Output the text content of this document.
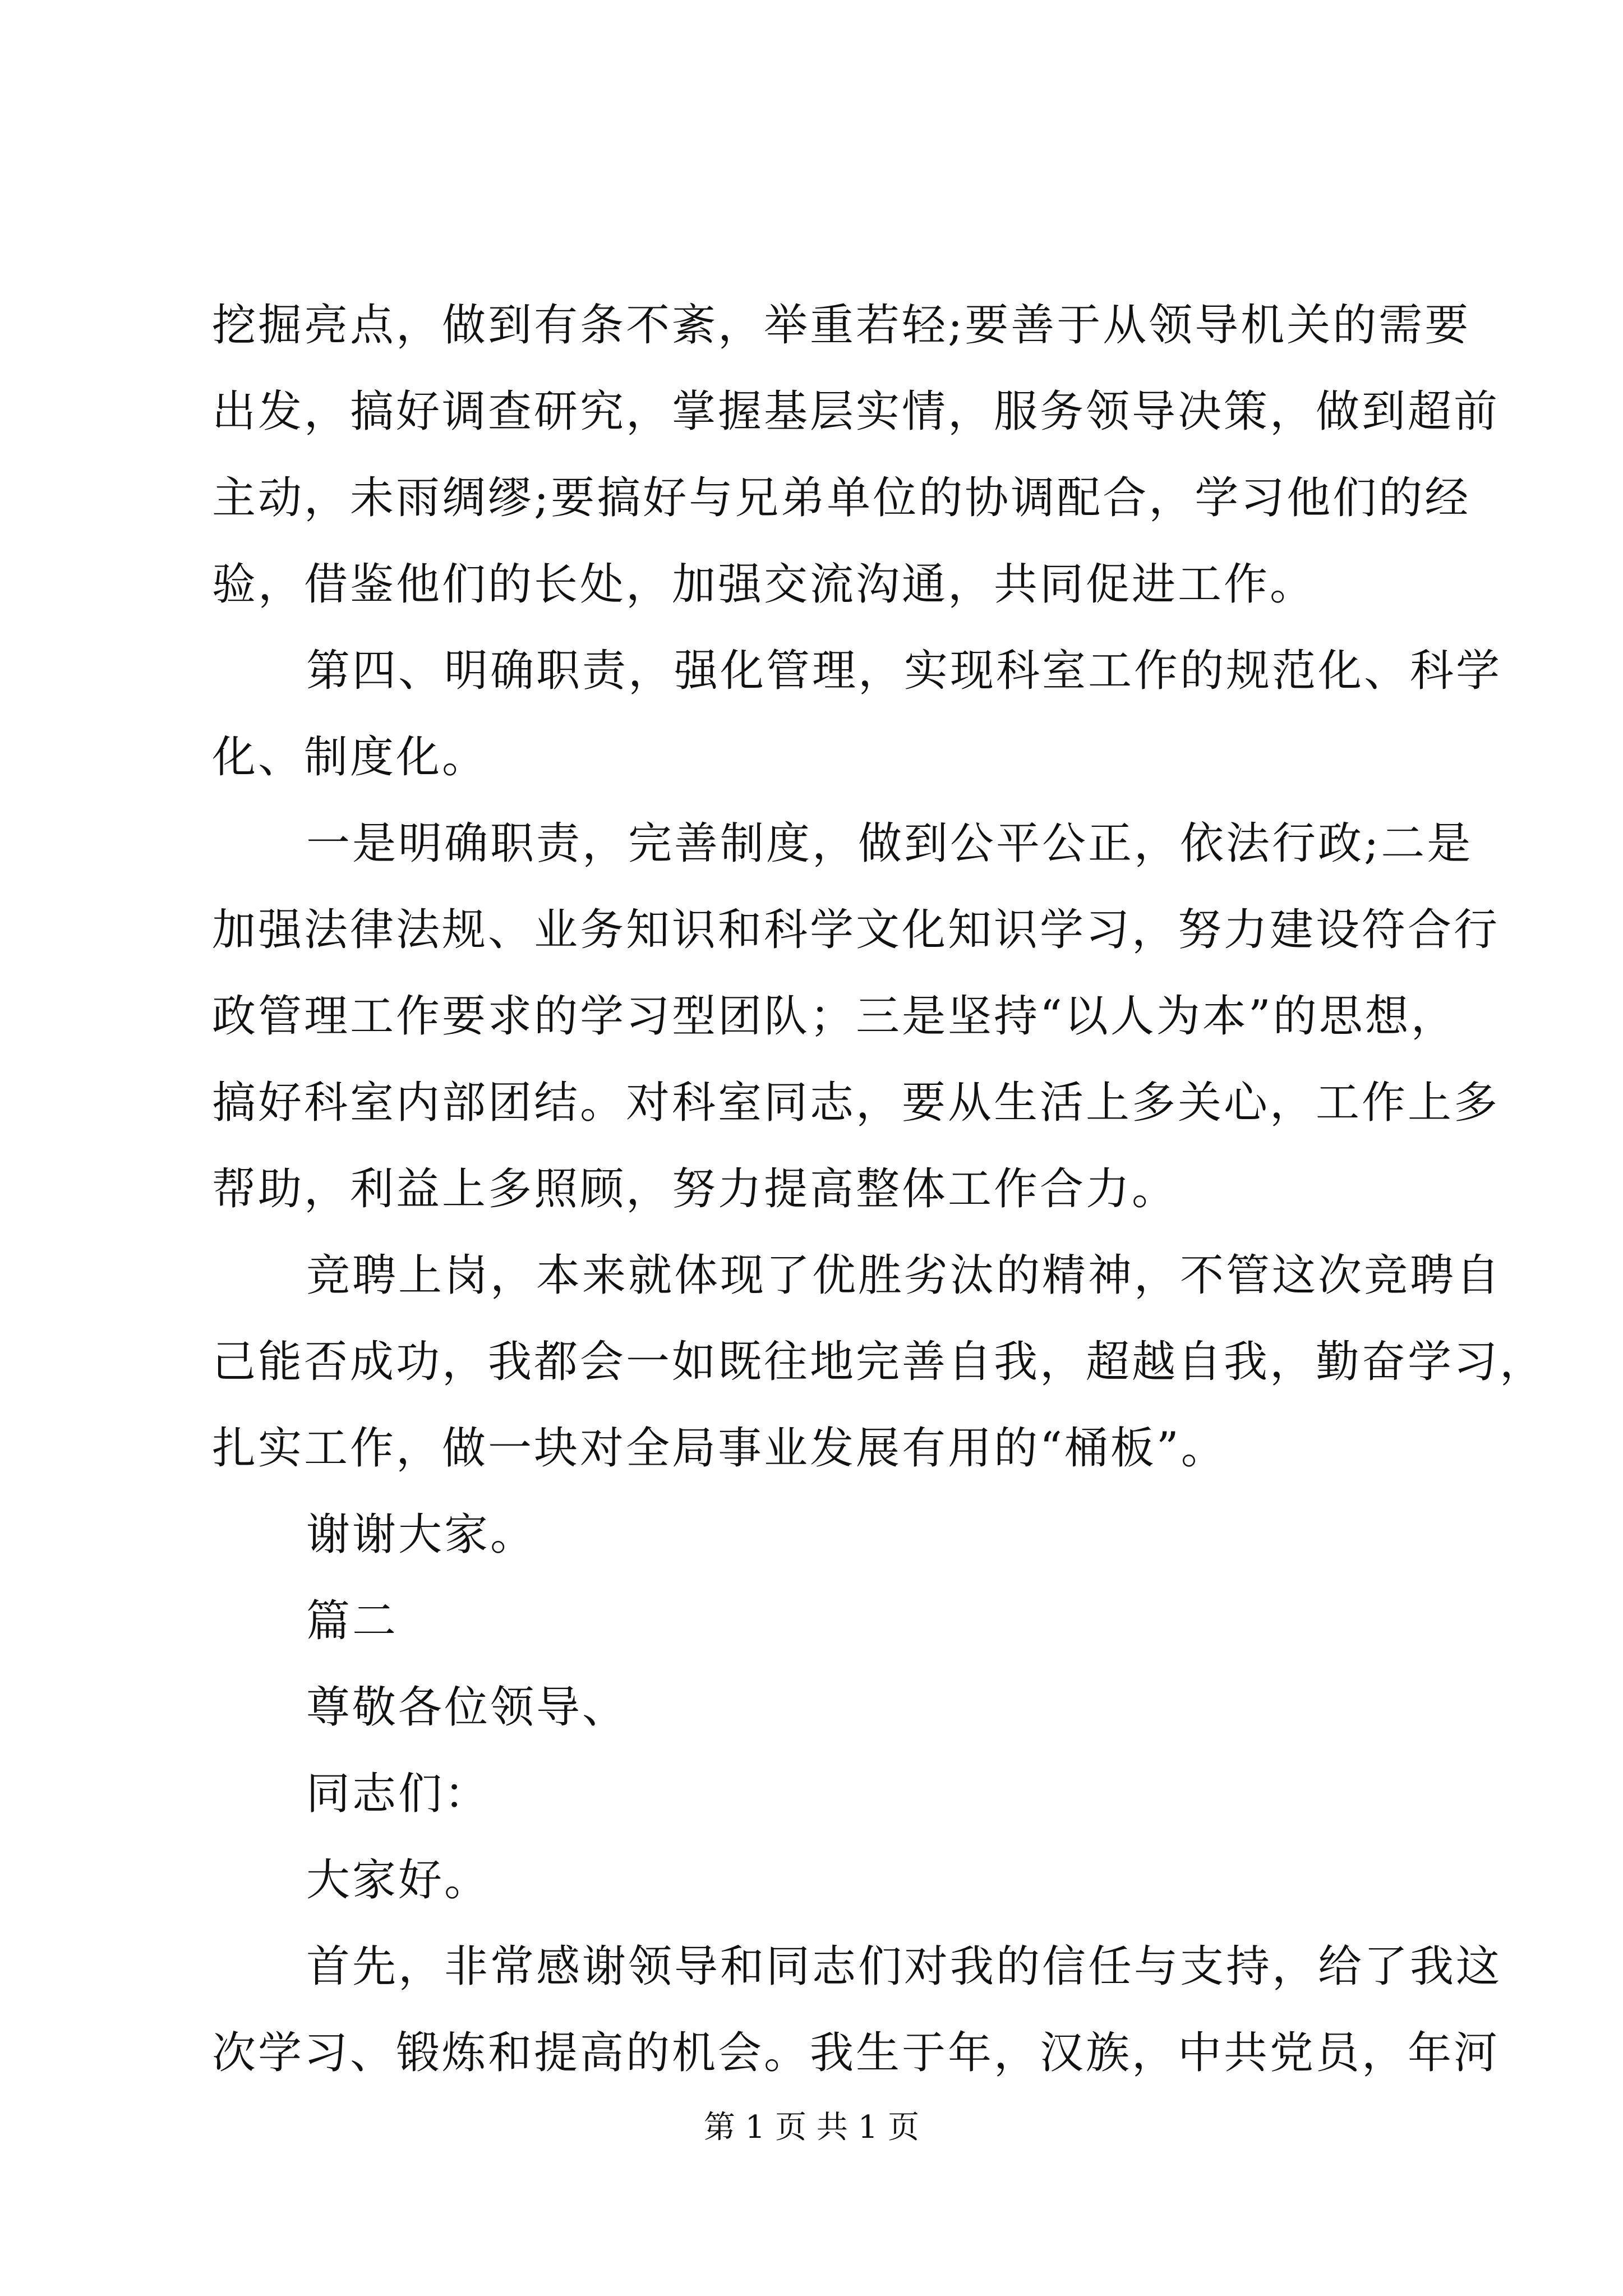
挖掘亮点，做到有条不紊，举重若轻;要善于从领导机关的需要
出发，搞好调查研究，掌握基层实情，服务领导决策，做到超前
主动，未雨绸缪;要搞好与兄弟单位的协调配合，学习他们的经
验，借鉴他们的长处，加强交流沟通，共同促进工作。
第四、明确职责，强化管理，实现科室工作的规范化、科学
化、制度化。
一是明确职责，完善制度，做到公平公正，依法行政;二是
加强法律法规、业务知识和科学文化知识学习，努力建设符合行
政管理工作要求的学习型团队；三是坚持“以人为本”的思想，
搞好科室内部团结。对科室同志，要从生活上多关心，工作上多
帮助，利益上多照顾，努力提高整体工作合力。
竞聘上岗，本来就体现了优胜劣汰的精神，不管这次竞聘自
己能否成功，我都会一如既往地完善自我，超越自我，勤奋学习，
扎实工作，做一块对全局事业发展有用的“桶板”。
谢谢大家。
篇二
尊敬各位领导、
同志们：
大家好。
首先，非常感谢领导和同志们对我的信任与支持，给了我这
次学习、锻炼和提高的机会。我生于年，汉族，中共党员，年河
第 1 页 共 1 页
